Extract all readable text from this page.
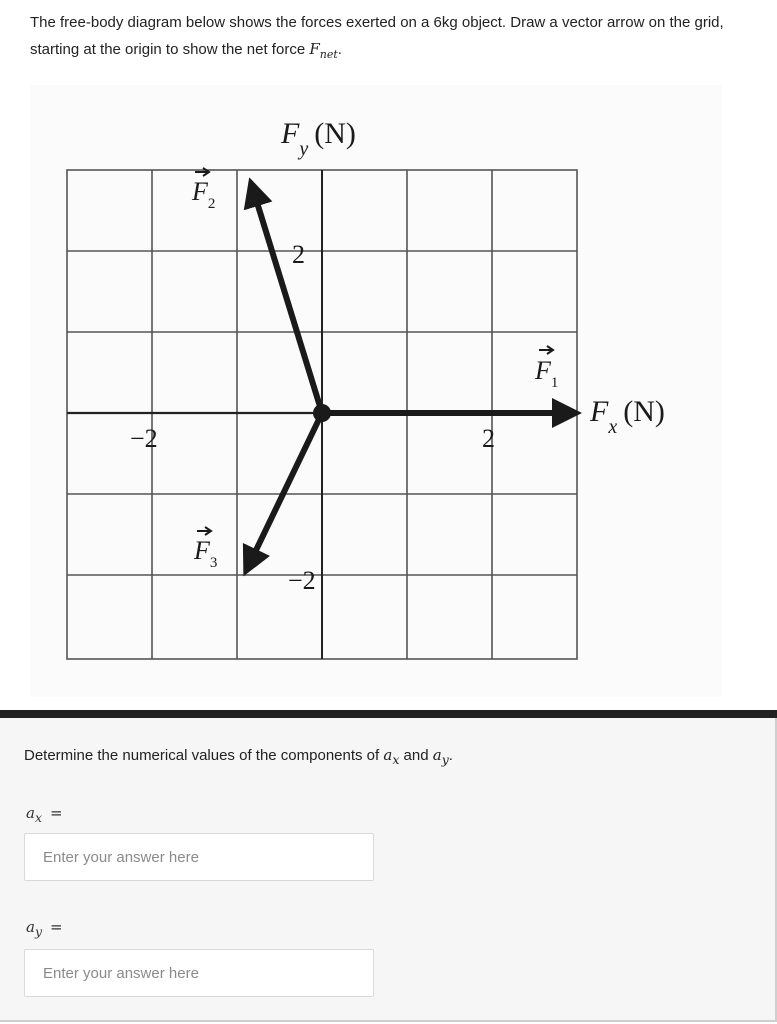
The free-body diagram below shows the forces exerted on a 6kg object. Draw a vector arrow on the grid, starting at the origin to show the net force $F_{net}$.
$F_y$ (N)
$F_x$ (N)
2
−2
2
−2
$F_1$
$F_2$
$F_3$
Determine the numerical values of the components of $a_x$ and $a_y$.
$a_x$ =
Enter your answer here
$a_y$ =
Enter your answer here
